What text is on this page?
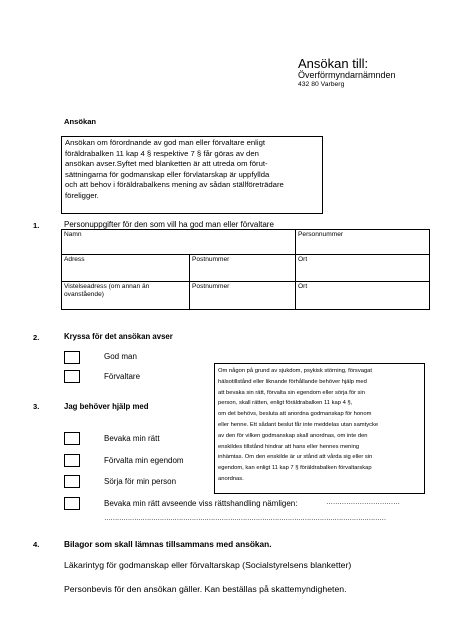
Ansökan till:
Överförmyndarnämnden
432 80 Varberg
Ansökan

Ansökan om förordnande av god man eller förvaltare enligt

föräldrabalken 11 kap 4 § respektive 7 § får göras av den

ansökan avser.Syftet med blanketten är att utreda om förut-

sättningarna för godmanskap eller förvlatarskap är uppfyllda

och att behov i föräldrabalkens mening av sådan ställföreträdare

föreligger.

1.	Personuppgifter för den som vill ha god man eller förvaltare
Namn		Personnummer
Adress	Postnummer	Ort
Vistelseadress (om annan än ovanstående)	Postnummer	Ort
2.	Kryssa för det ansökan avser
God man
Förvaltare
Om någon på grund av sjukdom, psykisk störning, försvagat
hälsotillstånd eller liknande förhållande behöver hjälp med
att bevaka sin rätt, förvalta sin egendom eller sörja för sin
person, skall rätten, enligt föräldrabalken 11 kap 4 §,
om det behövs, besluta att anordna godmanskap för honom
eller henne. Ett sådant beslut får inte meddelas utan samtycke
av den för vilken godmanskap skall anordnas, om inte den
enskildes tillstånd hindrar att hans eller hennes mening
inhämtas. Om den enskilde är ur stånd att vårda sig eller sin
egendom, kan enligt 11 kap 7 § föräldrabalken förvaltarskap
anordnas.
3.	Jag behöver hjälp med
Bevaka min rätt
Förvalta min egendom
Sörja för min person
Bevaka min rätt avseende viss rättshandling nämligen:	……………………………
……………………………………………………………………………………………………………………
4.	Bilagor som skall lämnas tillsammans med ansökan.
Läkarintyg för godmanskap eller förvaltarskap (Socialstyrelsens blanketter)
Personbevis för den ansökan gäller. Kan beställas på skattemyndigheten.
